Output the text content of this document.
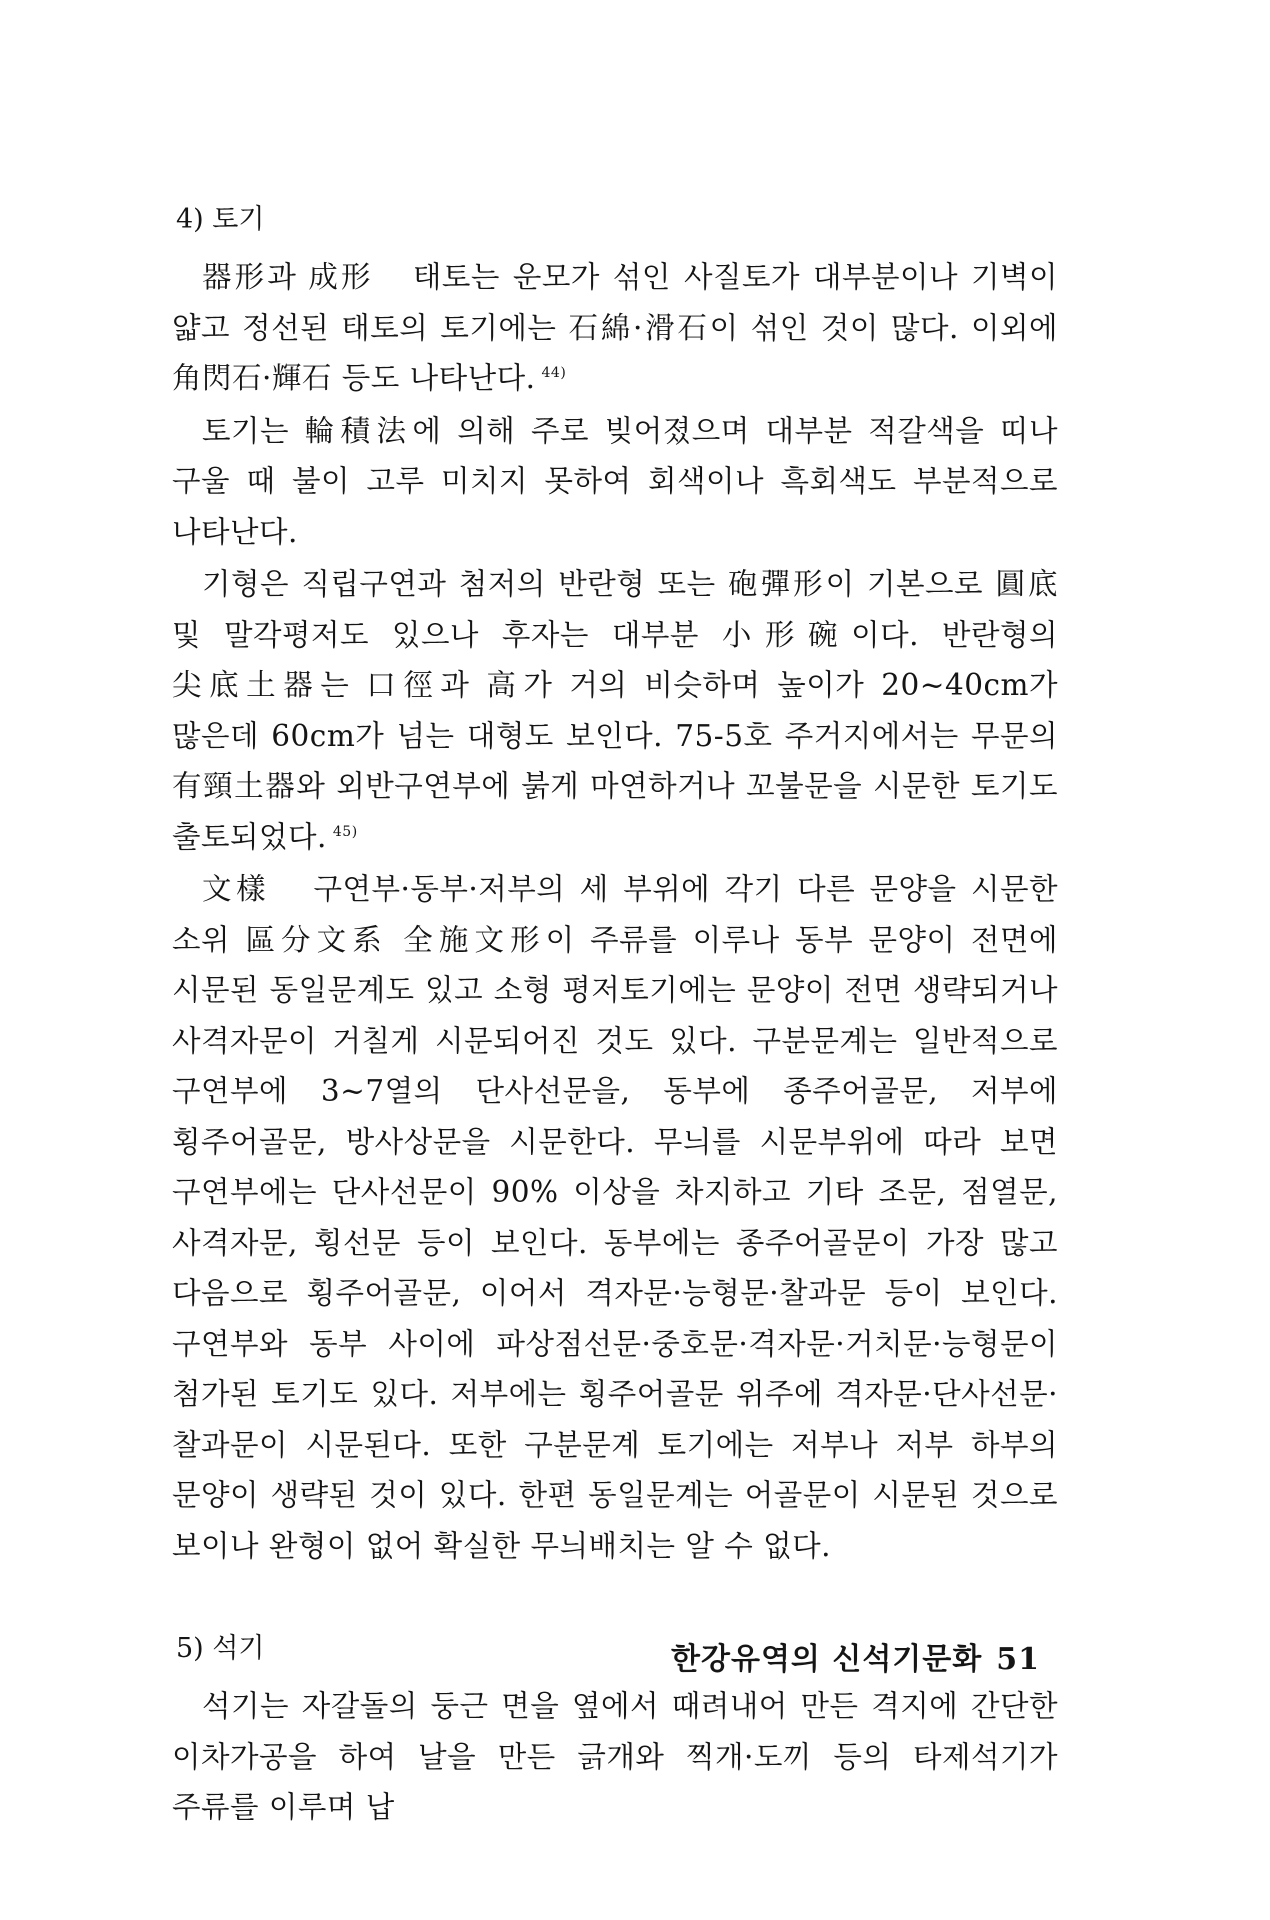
4) 토기

器形과 成形 태토는 운모가 섞인 사질토가 대부분이나 기벽이 얇고 정선된 태토의 토기에는 石綿·滑石이 섞인 것이 많다. 이외에 角閃石·輝石 등도 나타난다. $^{44)}$

토기는 輪積法에 의해 주로 빚어졌으며 대부분 적갈색을 띠나 구울 때 불이 고루 미치지 못하여 회색이나 흑회색도 부분적으로 나타난다.

기형은 직립구연과 첨저의 반란형 또는 砲彈形이 기본으로 圓底 및 말각평저도 있으나 후자는 대부분 小形碗이다. 반란형의 尖底土器는 口徑과 高가 거의 비슷하며 높이가 20~40cm가 많은데 60cm가 넘는 대형도 보인다. 75-5호 주거지에서는 무문의 有頸土器와 외반구연부에 붉게 마연하거나 꼬불문을 시문한 토기도 출토되었다. $^{45)}$

文樣 구연부·동부·저부의 세 부위에 각기 다른 문양을 시문한 소위 區分文系 全施文形이 주류를 이루나 동부 문양이 전면에 시문된 동일문계도 있고 소형 평저토기에는 문양이 전면 생략되거나 사격자문이 거칠게 시문되어진 것도 있다. 구분문계는 일반적으로 구연부에 3~7열의 단사선문을, 동부에 종주어골문, 저부에 횡주어골문, 방사상문을 시문한다. 무늬를 시문부위에 따라 보면 구연부에는 단사선문이 90% 이상을 차지하고 기타 조문, 점열문, 사격자문, 횡선문 등이 보인다. 동부에는 종주어골문이 가장 많고 다음으로 횡주어골문, 이어서 격자문·능형문·찰과문 등이 보인다. 구연부와 동부 사이에 파상점선문·중호문·격자문·거치문·능형문이 첨가된 토기도 있다. 저부에는 횡주어골문 위주에 격자문·단사선문·찰과문이 시문된다. 또한 구분문계 토기에는 저부나 저부 하부의 문양이 생략된 것이 있다. 한편 동일문계는 어골문이 시문된 것으로 보이나 완형이 없어 확실한 무늬배치는 알 수 없다.

5) 석기

석기는 자갈돌의 둥근 면을 옆에서 때려내어 만든 격지에 간단한 이차가공을 하여 날을 만든 긁개와 찍개·도끼 등의 타제석기가 주류를 이루며 납

한강유역의 신석기문화 51
